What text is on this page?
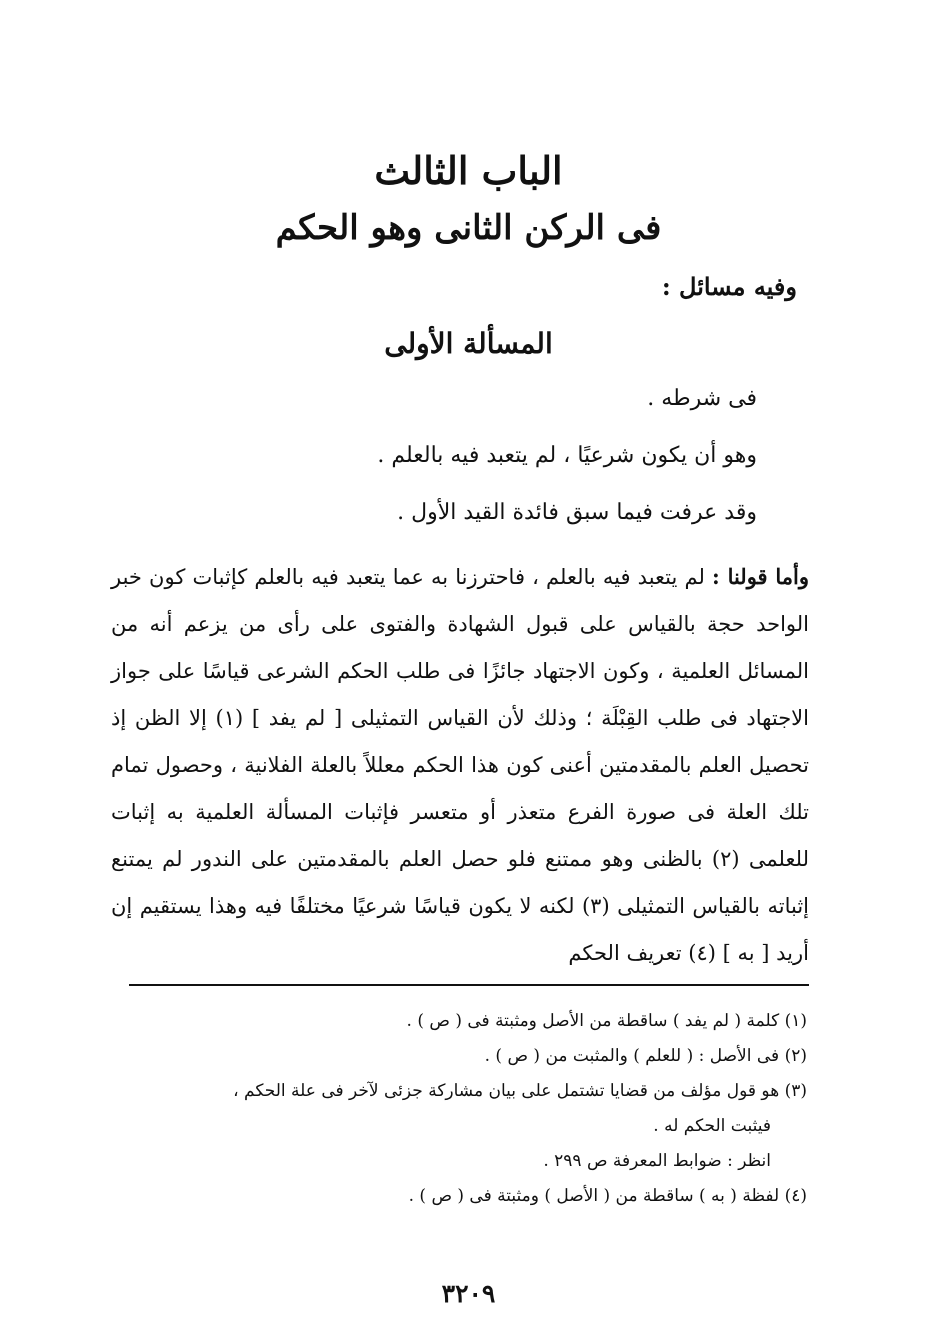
الباب الثالث
فى الركن الثانى وهو الحكم
وفيه مسائل :
المسألة الأولى
فى شرطه .
وهو أن يكون شرعيًا ، لم يتعبد فيه بالعلم .
وقد عرفت فيما سبق فائدة القيد الأول .
وأما قولنا : لم يتعبد فيه بالعلم ، فاحترزنا به عما يتعبد فيه بالعلم كإثبات كون خبر الواحد حجة بالقياس على قبول الشهادة والفتوى على رأى من يزعم أنه من المسائل العلمية ، وكون الاجتهاد جائزًا فى طلب الحكم الشرعى قياسًا على جواز الاجتهاد فى طلب القِبْلَة ؛ وذلك لأن القياس التمثيلى [ لم يفد ] (١) إلا الظن إذ تحصيل العلم بالمقدمتين أعنى كون هذا الحكم معللاً بالعلة الفلانية ، وحصول تمام تلك العلة فى صورة الفرع متعذر أو متعسر فإثبات المسألة العلمية به إثبات للعلمى (٢) بالظنى وهو ممتنع فلو حصل العلم بالمقدمتين على الندور لم يمتنع إثباته بالقياس التمثيلى (٣) لكنه لا يكون قياسًا شرعيًا مختلفًا فيه وهذا يستقيم إن أريد [ به ] (٤) تعريف الحكم

(١) كلمة ( لم يفد ) ساقطة من الأصل ومثبتة فى ( ص ) .

(٢) فى الأصل : ( للعلم ) والمثبت من ( ص ) .

(٣) هو قول مؤلف من قضايا تشتمل على بيان مشاركة جزئى لآخر فى علة الحكم ،

فيثبت الحكم له .

انظر : ضوابط المعرفة ص ٢٩٩ .

(٤) لفظة ( به ) ساقطة من ( الأصل ) ومثبتة فى ( ص ) .

٣٢٠٩
